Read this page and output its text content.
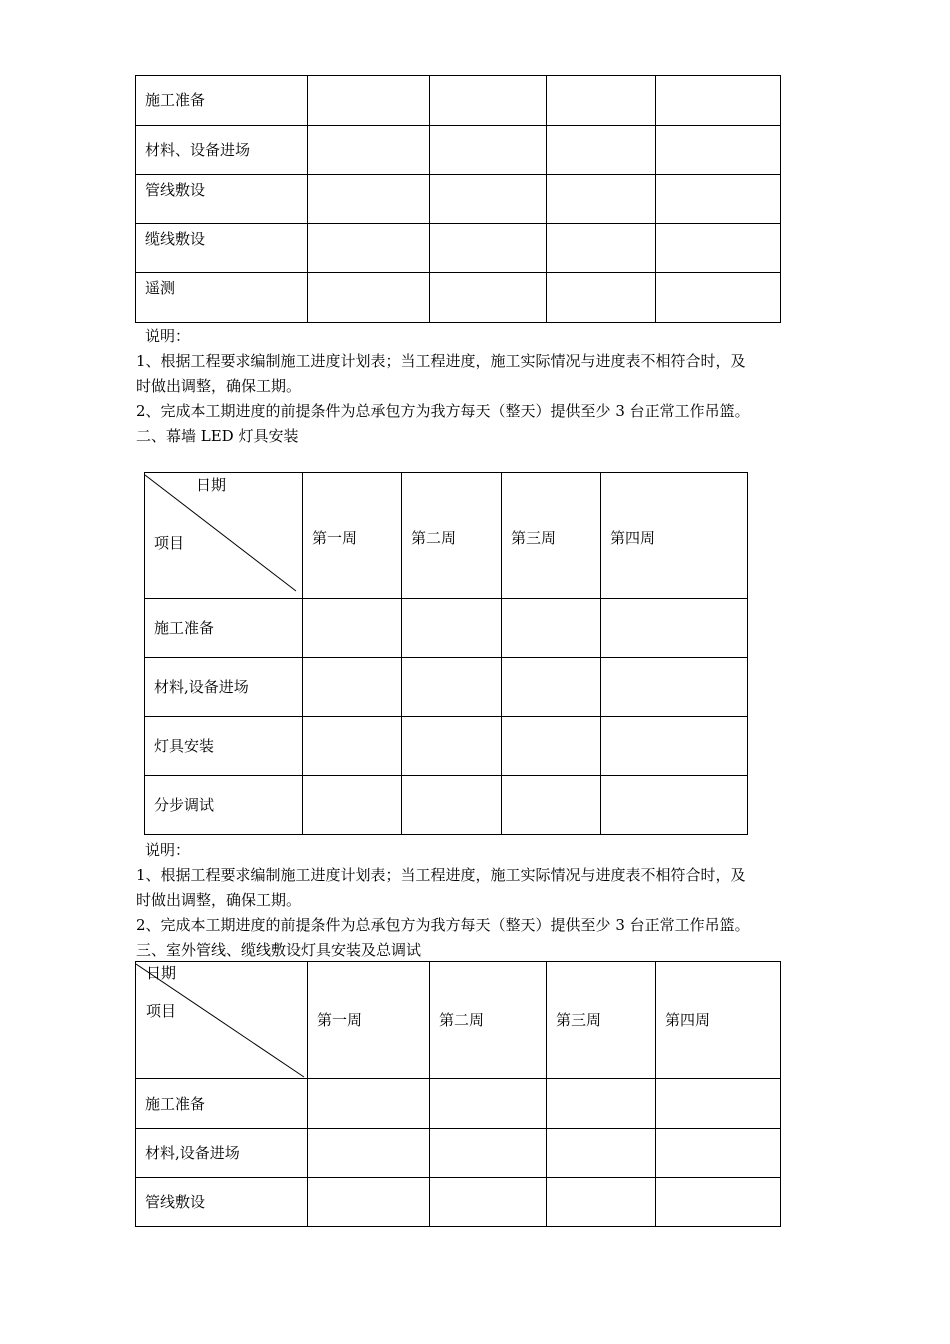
施工准备				
材料、设备进场				
管线敷设				
缆线敷设				
遥测				
说明：
1、根据工程要求编制施工进度计划表；当工程进度，施工实际情况与进度表不相符合时，及
时做出调整，确保工期。
2、完成本工期进度的前提条件为总承包方为我方每天（整天）提供至少 3 台正常工作吊篮。
二、幕墙 LED 灯具安装
日期
项目	第一周	第二周	第三周	第四周
施工准备				
材料,设备进场				
灯具安装				
分步调试				
说明：
1、根据工程要求编制施工进度计划表；当工程进度，施工实际情况与进度表不相符合时，及
时做出调整，确保工期。
2、完成本工期进度的前提条件为总承包方为我方每天（整天）提供至少 3 台正常工作吊篮。
三、室外管线、缆线敷设灯具安装及总调试
日期
项目	第一周	第二周	第三周	第四周
施工准备				
材料,设备进场				
管线敷设				
